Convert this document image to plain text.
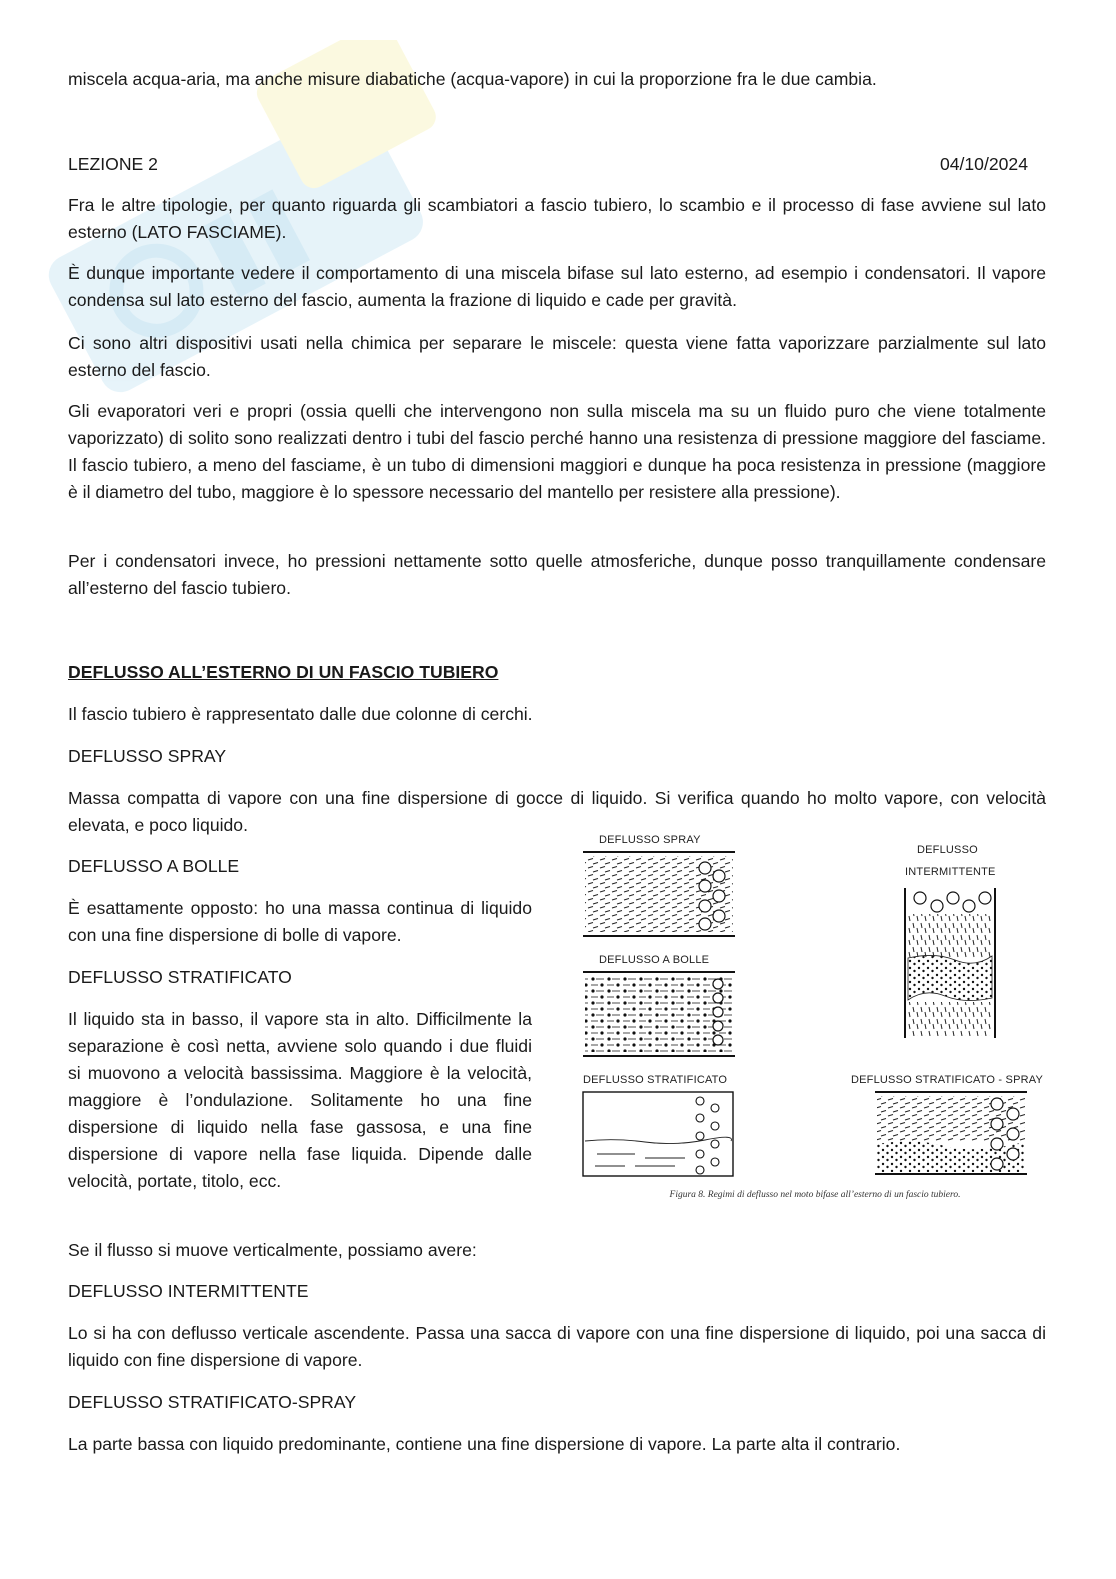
miscela acqua-aria, ma anche misure diabatiche (acqua-vapore) in cui la proporzione fra le due cambia.

LEZIONE 2	04/10/2024

Fra le altre tipologie, per quanto riguarda gli scambiatori a fascio tubiero, lo scambio e il processo di fase avviene sul lato esterno (LATO FASCIAME).

È dunque importante vedere il comportamento di una miscela bifase sul lato esterno, ad esempio i condensatori. Il vapore condensa sul lato esterno del fascio, aumenta la frazione di liquido e cade per gravità.

Ci sono altri dispositivi usati nella chimica per separare le miscele: questa viene fatta vaporizzare parzialmente sul lato esterno del fascio.

Gli evaporatori veri e propri (ossia quelli che intervengono non sulla miscela ma su un fluido puro che viene totalmente vaporizzato) di solito sono realizzati dentro i tubi del fascio perché hanno una resistenza di pressione maggiore del fasciame. Il fascio tubiero, a meno del fasciame, è un tubo di dimensioni maggiori e dunque ha poca resistenza in pressione (maggiore è il diametro del tubo, maggiore è lo spessore necessario del mantello per resistere alla pressione).

Per i condensatori invece, ho pressioni nettamente sotto quelle atmosferiche, dunque posso tranquillamente condensare all’esterno del fascio tubiero.

DEFLUSSO ALL’ESTERNO DI UN FASCIO TUBIERO

Il fascio tubiero è rappresentato dalle due colonne di cerchi.

DEFLUSSO SPRAY

Massa compatta di vapore con una fine dispersione di gocce di liquido. Si verifica quando ho molto vapore, con velocità elevata, e poco liquido.

DEFLUSSO A BOLLE

È esattamente opposto: ho una massa continua di liquido con una fine dispersione di bolle di vapore.

DEFLUSSO STRATIFICATO

Il liquido sta in basso, il vapore sta in alto. Difficilmente la separazione è così netta, avviene solo quando i due fluidi si muovono a velocità bassissima. Maggiore è la velocità, maggiore è l’ondulazione. Solitamente ho una fine dispersione di liquido nella fase gassosa, e una fine dispersione di vapore nella fase liquida. Dipende dalle velocità, portate, titolo, ecc.

Se il flusso si muove verticalmente, possiamo avere:

DEFLUSSO INTERMITTENTE

Lo si ha con deflusso verticale ascendente. Passa una sacca di vapore con una fine dispersione di liquido, poi una sacca di liquido con fine dispersione di vapore.

DEFLUSSO STRATIFICATO-SPRAY

La parte bassa con liquido predominante, contiene una fine dispersione di vapore. La parte alta il contrario.

DEFLUSSO SPRAY
DEFLUSSO
INTERMITTENTE
DEFLUSSO A BOLLE
DEFLUSSO STRATIFICATO	DEFLUSSO STRATIFICATO - SPRAY
Figura 8. Regimi di deflusso nel moto bifase all’esterno di un fascio tubiero.
